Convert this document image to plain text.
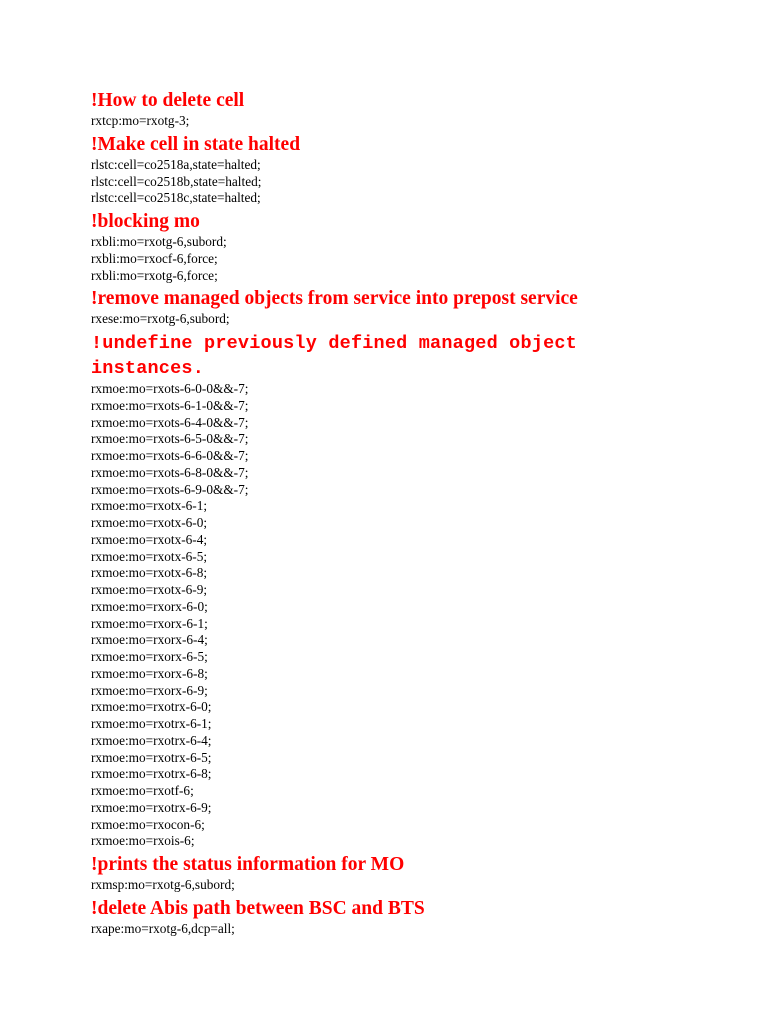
!How to delete cell
rxtcp:mo=rxotg-3;
!Make cell in state halted
rlstc:cell=co2518a,state=halted;
rlstc:cell=co2518b,state=halted;
rlstc:cell=co2518c,state=halted;
!blocking mo
rxbli:mo=rxotg-6,subord;
rxbli:mo=rxocf-6,force;
rxbli:mo=rxotg-6,force;
!remove managed objects from service into prepost service
rxese:mo=rxotg-6,subord;
!undefine previously defined managed object instances.
rxmoe:mo=rxots-6-0-0&&-7;
rxmoe:mo=rxots-6-1-0&&-7;
rxmoe:mo=rxots-6-4-0&&-7;
rxmoe:mo=rxots-6-5-0&&-7;
rxmoe:mo=rxots-6-6-0&&-7;
rxmoe:mo=rxots-6-8-0&&-7;
rxmoe:mo=rxots-6-9-0&&-7;
rxmoe:mo=rxotx-6-1;
rxmoe:mo=rxotx-6-0;
rxmoe:mo=rxotx-6-4;
rxmoe:mo=rxotx-6-5;
rxmoe:mo=rxotx-6-8;
rxmoe:mo=rxotx-6-9;
rxmoe:mo=rxorx-6-0;
rxmoe:mo=rxorx-6-1;
rxmoe:mo=rxorx-6-4;
rxmoe:mo=rxorx-6-5;
rxmoe:mo=rxorx-6-8;
rxmoe:mo=rxorx-6-9;
rxmoe:mo=rxotrx-6-0;
rxmoe:mo=rxotrx-6-1;
rxmoe:mo=rxotrx-6-4;
rxmoe:mo=rxotrx-6-5;
rxmoe:mo=rxotrx-6-8;
rxmoe:mo=rxotf-6;
rxmoe:mo=rxotrx-6-9;
rxmoe:mo=rxocon-6;
rxmoe:mo=rxois-6;
!prints the status information for MO
rxmsp:mo=rxotg-6,subord;
!delete Abis path between BSC and BTS
rxape:mo=rxotg-6,dcp=all;
